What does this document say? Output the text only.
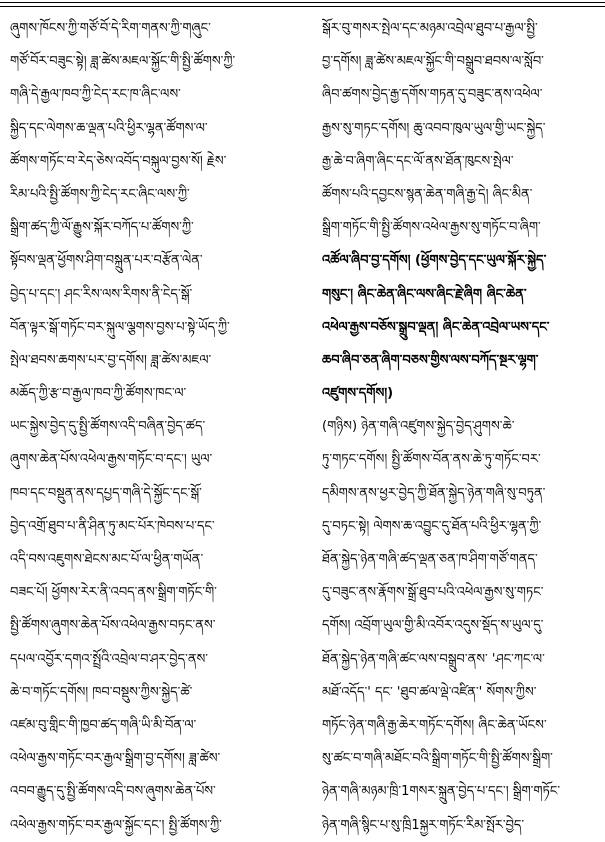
ཞུགས་ཁོངས་ཀྱི་གཙོ་བོ་དེ་རིག་གནས་ཀྱི་གཞུང་
གཙོ་བོར་བཟུང་སྟེ། ཟླ་ཚེས་མཇལ་སྐྱོང་གི་སྤྱི་ཚོགས་ཀྱི་
གཞི་དེ་རྒྱལ་ཁབ་ཀྱི་ངེད་རང་ཁ་ཞིང་ལས་
སྐྱིད་དང་ལེགས་ཆ་ལྡན་པའི་ཕྱིར་ལྷན་ཚོགས་ལ་
ཚོགས་གཏོང་བ་རེད་ཅེས་འབོད་བསྐུལ་བྱས་སོ། རྗེས་
རིམ་པའི་སྤྱི་ཚོགས་ཀྱི་ངེད་རང་ཞིང་ལས་ཀྱི་
སྒྲིག་ཚད་ཀྱི་ལོ་རྒྱུས་སྐོར་བཀོད་པ་ཚོགས་ཀྱི་
སྟོབས་ལྡན་ཕྱོགས་ཤིག་བསྐྲུན་པར་བརྩོན་ལེན་
བྱེད་པ་དང་། ཤང་རིས་ལས་རིགས་ནི་ངེད་སྒོ་
བོན་ལྟར་སྒོ་གཏོང་བར་སྐུལ་ལྕགས་བྱས་པ་སྟེ་ཡོད་ཀྱི་
སྤེལ་ཐབས་ཆགས་པར་བྱ་དགོས། ཟླ་ཚེས་མཇལ་
མཆོད་ཀྱི་རྩ་བ་རྒྱལ་ཁབ་ཀྱི་ཚོགས་ཁང་ལ་
ཡང་སྐྱེས་བྱེད་དུ་སྤྱི་ཚོགས་འདི་བཞིན་བྱེད་ཚད་
ཞུགས་ཆེན་པོས་འཕེལ་རྒྱས་གཏོང་བ་དང་། ཡུལ་
ཁབ་དང་བསྡུན་ནས་དཔྱད་གཞི་དེ་སྐྱོང་དང་སྒོ་
བྱེད་འགྲོ་ཐུབ་པ་ནི་ཤིན་ཏུ་མང་པོར་ཁེབས་པ་དང་
འདི་བས་འཇུགས་ཐེངས་མང་པོ་ལ་ཕྱིན་གཡོན་
བཟང་པོ། ཕྱོགས་རེར་ནི་འབད་ནས་སྒྲིག་གཏོང་གི་
སྤྱི་ཚོགས་ཞུགས་ཆེན་པོས་འཕེལ་རྒྱས་བཏང་ནས་
དཔལ་འབྱོར་དགའ་སྤྲོའི་འབྲེལ་བ་ཤར་བྱེད་ནས་
ཆེ་བ་གཏོང་དགོས། ཁབ་བསྡུས་ཀྱིས་སྐྱེད་ཚེ་
འཛམ་བུ་གླིང་གི་ཁྱབ་ཚད་གཞི་ཡི་མི་བོན་ལ་
འཕེལ་རྒྱས་གཏོང་བར་རྒྱལ་སྒྲིག་བྱ་དགོས། ཟླ་ཚེས་
འབབ་རྒྱུད་དུ་སྤྱི་ཚོགས་འདི་བས་ཞུགས་ཆེན་པོས་
འཕེལ་རྒྱས་གཏོང་བར་རྒྱལ་སྐྱོང་དང་། སྤྱི་ཚོགས་ཀྱི་
སྒོར་བུ་གསར་སྤེལ་དང་མཉམ་འབྲེལ་ཐུབ་པ་རྒྱལ་སྤྱི་
བྱ་དགོས། ཟླ་ཚེས་མཇལ་སྐྱོང་གི་བསྒྲུབ་ཐབས་ལ་སློབ་
ཞིབ་ཚགས་བྱེད་རྒྱ་དགོས་གཏན་དུ་བཟུང་ནས་འཕེལ་
རྒྱས་སུ་གཏང་དགོས། ཆུ་འབབ་ཁུལ་ཡུལ་གྱི་ཡང་སྐྱེད་
རྒྱ་ཆེ་བ་ཞིག་ཞིང་དང་ལོ་ནས་ཐོན་ཁུངས་སྤེལ་
ཚོགས་པའི་དབྱངས་སྙན་ཆེན་གཞི་རྒྱ་དེ། ཞིང་མིན་
སྒྲིག་གཏོང་གི་སྤྱི་ཚོགས་འཕེལ་རྒྱས་སུ་གཏོང་བ་ཞིག་
འཚོལ་ཞིབ་བྱ་དགོས། (ཕྱོགས་བྱེད་དང་ཡུལ་སྐོར་སྐྱེད་
གསུང་། ཞིང་ཆེན་ཞིང་ལས་ཞིང་རྗེ་ཞིག ཞིང་ཆེན་
འཕེལ་རྒྱས་བཅོས་སྒྲུབ་ལྡན། ཞིང་ཆེན་འབྲེལ་ཡས་དང་
ཆབ་ཞིབ་ཅན་ཞིག་བཅས་གྱིས་ལས་བཀོད་སྔར་ལྷག་
འཛུགས་དགོས།)
(གཉིས) ཉེན་གཞི་འཛུགས་སྐྱེད་བྱེད་ཤུགས་ཆེ་
ཏུ་གཏང་དགོས། སྤྱི་ཚོགས་བོན་ནས་ཆེ་ཏུ་གཏོང་བར་
དམིགས་ནས་ཕྱར་བྱེད་ཀྱི་ཐོན་སྐྱེད་ཉེན་གཞི་སུ་བཏུན་
དུ་བཏང་སྟེ། ལེགས་ཆ་འབྱུང་དུ་ཐོན་པའི་ཕྱིར་ལྷན་ཀྱི་
ཐོན་སྐྱེད་ཉེན་གཞི་ཚད་ལྡན་ཅན་ཁ་ཤིག་གཙོ་གནད་
དུ་བཟུང་ནས་རྣོགས་སྒྲོ་ཐུབ་པའི་འཕེལ་རྒྱས་སུ་གཏང་
དགོས། འབྲོག་ཡུལ་གྱི་མི་འབོར་འདུས་སྡོད་ས་ཡུལ་དུ་
ཐོན་སྐྱེད་ཉེན་གཞི་ཚང་ལས་བསྒྲུབ་ནས་ 'ཤང་ཀང་ལ་
མཐོ་འདོད་' དང་ 'ཐུབ་ཚལ་ལྡེ་འཛིན་' སོགས་ཀྱིས་
གཏོང་ཉེན་གཞི་རྒྱ་ཆེར་གཏོང་དགོས། ཞིང་ཆེན་ཡོངས་
སུ་ཚང་བ་གཞི་མཐོང་བའི་སྒྲིག་གཏོང་གི་སྤྱི་ཚོགས་སྒྲིག་
ཉེན་གཞི་མཉམ་ཁྲི་1གསར་སྐྲུན་བྱེད་པ་དང་། སྒྲིག་གཏོང་
ཉེན་གཞི་སྙིང་པ་སུ་ཁྲི1སྐྱར་གཏོང་རིམ་སྤོར་བྱེད་
